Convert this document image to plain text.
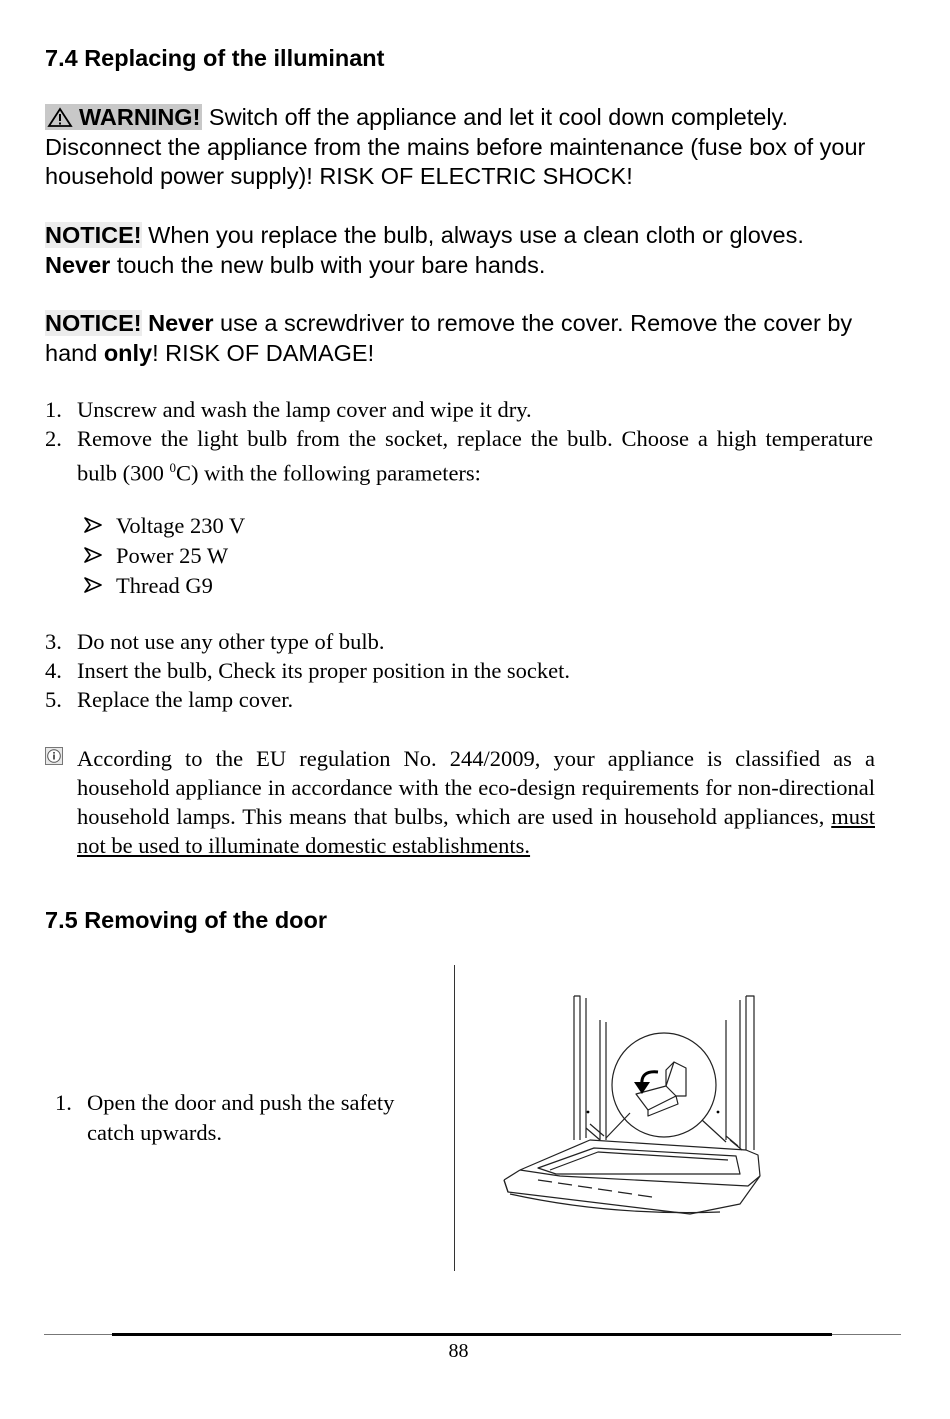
7.4 Replacing of the illuminant
WARNING! Switch off the appliance and let it cool down completely. Disconnect the appliance from the mains before maintenance (fuse box of your household power supply)! RISK OF ELECTRIC SHOCK!
NOTICE! When you replace the bulb, always use a clean cloth or gloves. Never touch the new bulb with your bare hands.
NOTICE! Never use a screwdriver to remove the cover. Remove the cover by hand only! RISK OF DAMAGE!
1. Unscrew and wash the lamp cover and wipe it dry.
2. Remove the light bulb from the socket, replace the bulb. Choose a high temperature bulb (300 $^0$C) with the following parameters:
Voltage 230 V
Power 25 W
Thread G9
3. Do not use any other type of bulb.
4. Insert the bulb, Check its proper position in the socket.
5. Replace the lamp cover.
According to the EU regulation No. 244/2009, your appliance is classified as a household appliance in accordance with the eco-design requirements for non-directional household lamps. This means that bulbs, which are used in household appliances, must not be used to illuminate domestic establishments.
7.5 Removing of the door
1. Open the door and push the safety catch upwards.
88
